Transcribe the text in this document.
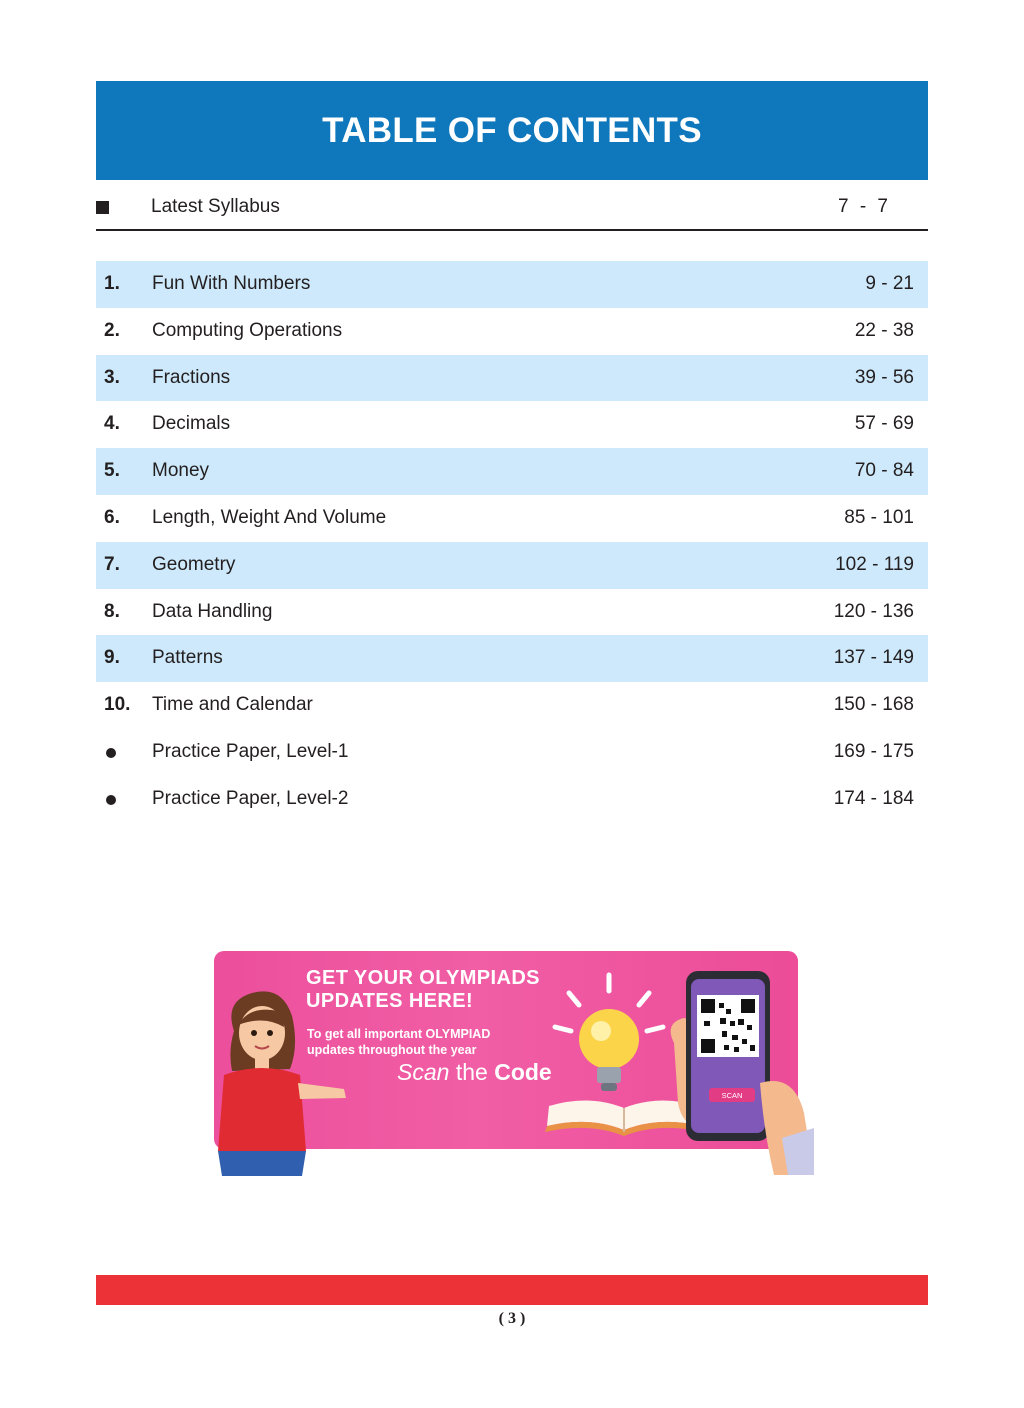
TABLE OF CONTENTS
Latest Syllabus	7 - 7
1. Fun With Numbers	9 - 21
2. Computing Operations	22 - 38
3. Fractions	39 - 56
4. Decimals	57 - 69
5. Money	70 - 84
6. Length, Weight And Volume	85 - 101
7. Geometry	102 - 119
8. Data Handling	120 - 136
9. Patterns	137 - 149
10. Time and Calendar	150 - 168
Practice Paper, Level-1	169 - 175
Practice Paper, Level-2	174 - 184
GET YOUR OLYMPIADS
UPDATES HERE!
To get all important OLYMPIAD
updates throughout the year
Scan the Code
SCAN
( 3 )
